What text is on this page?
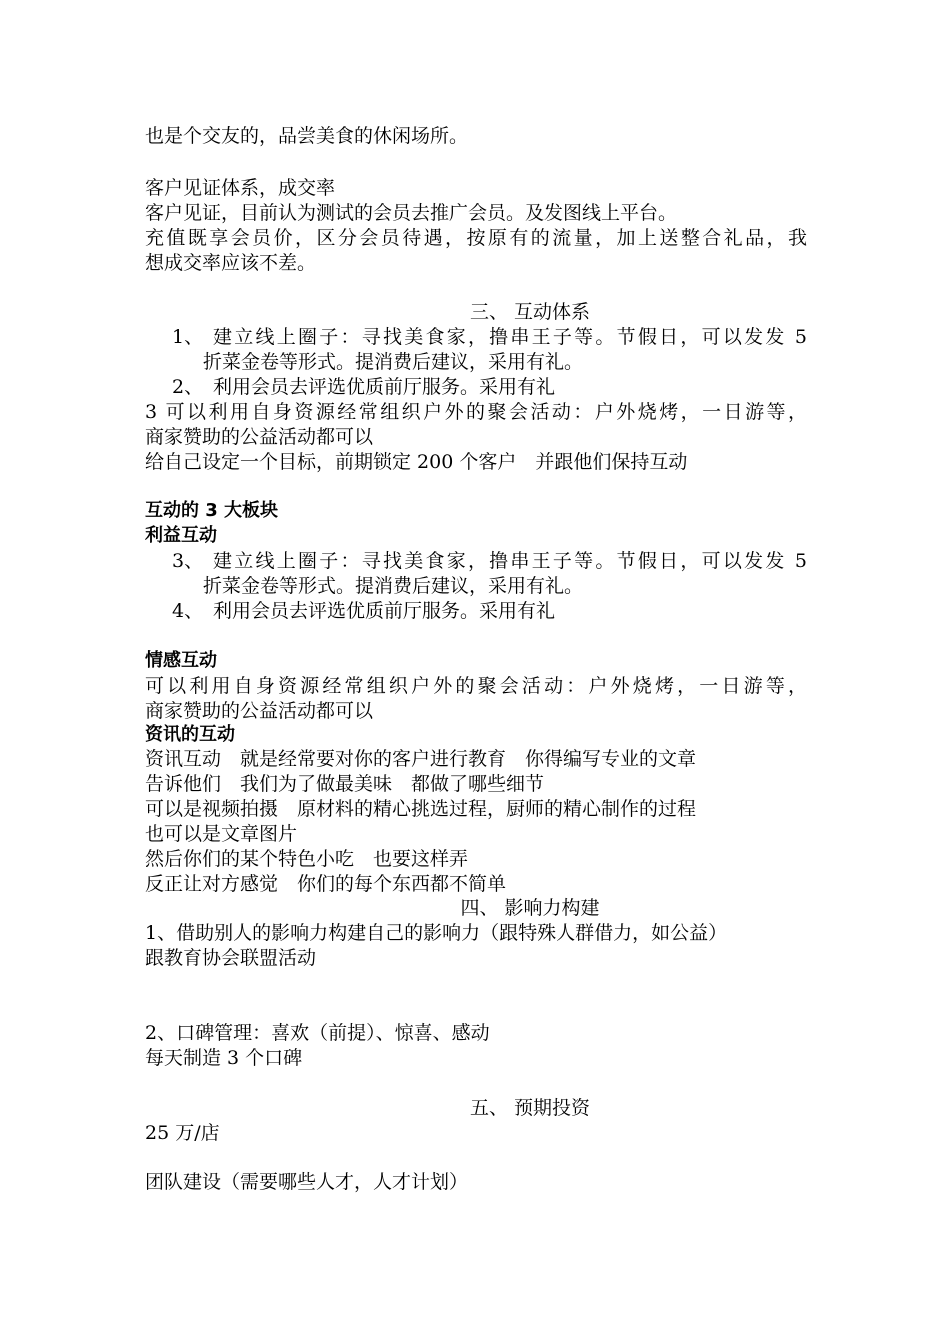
也是个交友的，品尝美食的休闲场所。
客户见证体系，成交率
客户见证，目前认为测试的会员去推广会员。及发图线上平台。
充值既享会员价，区分会员待遇，按原有的流量，加上送整合礼品，我
想成交率应该不差。
三、 互动体系
1、 建立线上圈子：寻找美食家，撸串王子等。节假日，可以发发 5
折菜金卷等形式。提消费后建议，采用有礼。
2、 利用会员去评选优质前厅服务。采用有礼
3 可以利用自身资源经常组织户外的聚会活动：户外烧烤，一日游等，
商家赞助的公益活动都可以
给自己设定一个目标，前期锁定 200 个客户　并跟他们保持互动
互动的 3 大板块
利益互动
3、 建立线上圈子：寻找美食家，撸串王子等。节假日，可以发发 5
折菜金卷等形式。提消费后建议，采用有礼。
4、 利用会员去评选优质前厅服务。采用有礼
情感互动
可以利用自身资源经常组织户外的聚会活动：户外烧烤，一日游等，
商家赞助的公益活动都可以
资讯的互动
资讯互动　就是经常要对你的客户进行教育　你得编写专业的文章
告诉他们　我们为了做最美味　都做了哪些细节
可以是视频拍摄　原材料的精心挑选过程，厨师的精心制作的过程
也可以是文章图片
然后你们的某个特色小吃　也要这样弄
反正让对方感觉　你们的每个东西都不简单
四、 影响力构建
1、借助别人的影响力构建自己的影响力（跟特殊人群借力，如公益）
跟教育协会联盟活动
2、口碑管理：喜欢（前提）、惊喜、感动
每天制造 3 个口碑
五、 预期投资
25 万/店
团队建设（需要哪些人才，人才计划）
